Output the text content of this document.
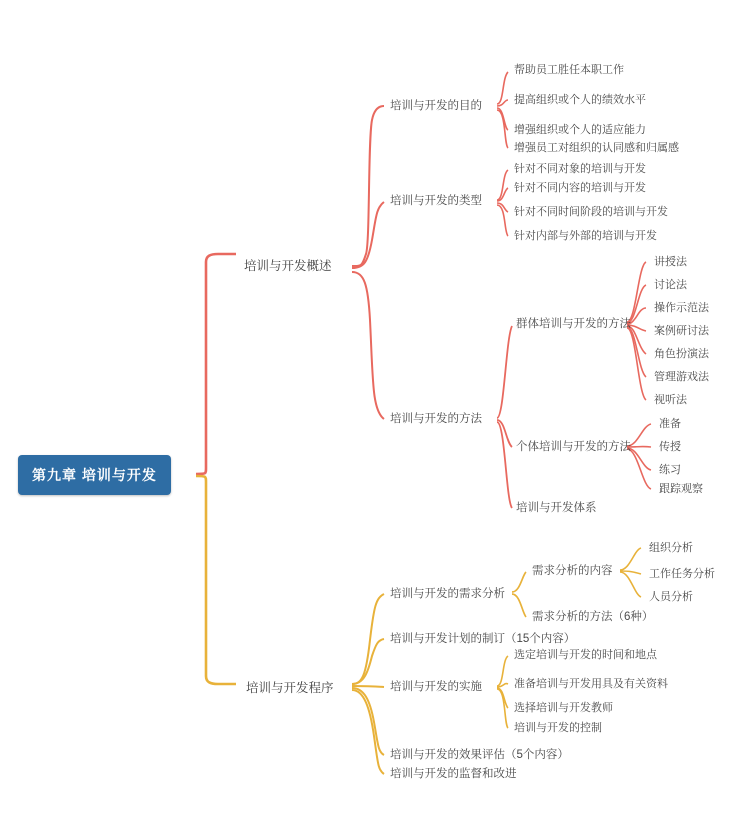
第九章 培训与开发
培训与开发概述
培训与开发的目的
帮助员工胜任本职工作
提高组织或个人的绩效水平
增强组织或个人的适应能力
增强员工对组织的认同感和归属感
培训与开发的类型
针对不同对象的培训与开发
针对不同内容的培训与开发
针对不同时间阶段的培训与开发
针对内部与外部的培训与开发
培训与开发的方法
群体培训与开发的方法
讲授法
讨论法
操作示范法
案例研讨法
角色扮演法
管理游戏法
视听法
个体培训与开发的方法
准备
传授
练习
跟踪观察
培训与开发体系
培训与开发程序
培训与开发的需求分析
需求分析的内容
组织分析
工作任务分析
人员分析
需求分析的方法（6种）
培训与开发计划的制订（15个内容）
培训与开发的实施
选定培训与开发的时间和地点
准备培训与开发用具及有关资料
选择培训与开发教师
培训与开发的控制
培训与开发的效果评估（5个内容）
培训与开发的监督和改进
